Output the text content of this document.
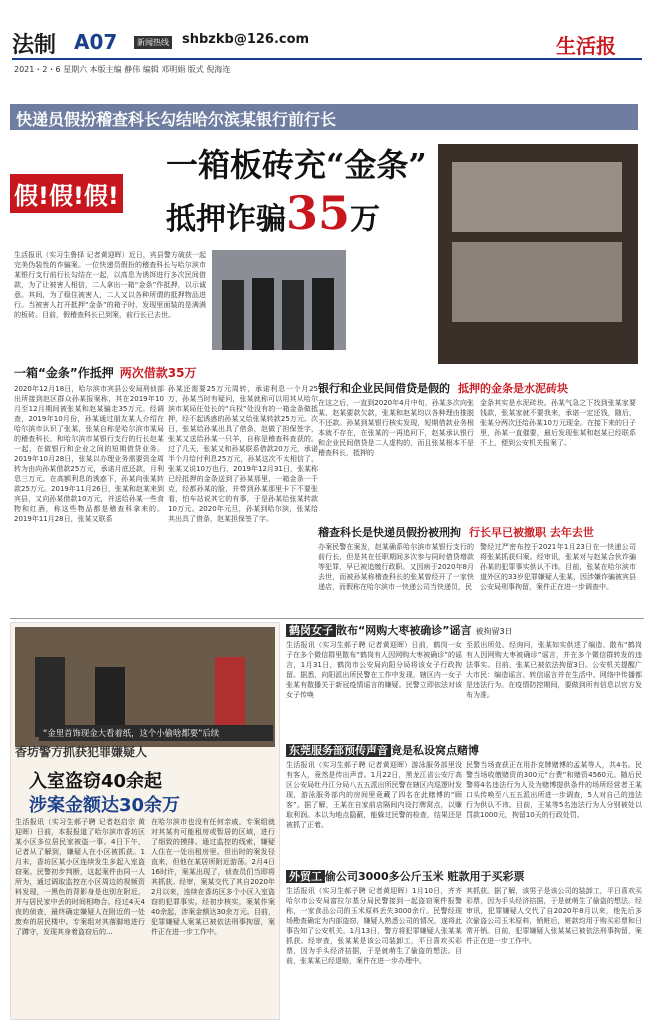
法制 A07	新闻热线 shbzkb@126.com	生活报
2021・2・6 星期六 本版主编 静伟 编辑 邓明娟 版式 倪海连
快递员假扮稽查科长勾结哈尔滨某银行前行长
假!假!假!
一箱板砖充“金条”
抵押诈骗35万
生活报讯（实习生鲁择 记者黄迎晖）近日，宾县警方破获一起完美伪装性的诈骗案。一位快递员假扮的稽查科长与哈尔滨市某银行支行前行长勾结在一起，以高息为诱饵进行多次民间借款，为了让被害人相信，二人拿出一箱“金条”作抵押，以示诚意。其间，为了稳住被害人，二人又以各种所谓的抵押物品进行。当被害人打开抵押“金条”的箱子时，发现里面装的是满满的板砖。目前，假稽查科长已到案，前行长已去世。
一箱“金条”作抵押 两次借款35万
2020年12月18日，哈尔滨市宾县公安局刑侦部出所接到赵区群众孙某报案称，其在2019年10月至12月期间被张某和赵某骗走35万元。经调查，2019年10月份，孙某通过朋友某人介绍在哈尔滨市认识了张某，张某自称是哈尔滨市某局的稽查科长，和哈尔滨市某银行支行的行长赵某一起，在做银行和企业之间的短期借贷业务。2019年10月28日，张某以办理业务需要资金周转为由向孙某借款25万元，承诺月底还款，月利息三万元。在高额利息的诱惑下，孙某向张某转款25万元。2019年11月26日，张某和赵某来到宾县，又向孙某借款10万元，并送给孙某一些食物和红酒，称这些物品都是稽查科拿来的。2019年11月28日，张某又联系
孙某还需要25万元周转，承诺利息一个月25万，孙某当时有疑问，张某就称可以用其从哈尔滨市某局任处长的“兵权”处没有的一箱金条做抵押，经不起诱惑的孙某又给张某转款25万元。次日，张某给孙某出具了借条，赵做了担保签字，张某又送给孙某一只羊，自称是稽查科查获的。过了几天，张某又和孙某联系借款20万元，承诺半个月给付利息25万元，孙某这次不太相信了，张某又说10万也行，2019年12月31日，张某称已经抵押的金条送到了孙某那里，一箱金条一千克，经都孙某的脸，并带到孙某那里卡下不要张看，怕车站说其它的有事，于是孙某给张某转款10万元。2020年元旦，孙某到哈尔滨，张某给其出具了借条，赵某担保签了字。
银行和企业民间借贷是假的 抵押的金条是水泥砖块
在这之后，一直到2020年4月中旬，孙某多次向张某、赵某要款欠款，张某和赵某均以各种理由推脱不还款。孙某到某银行核实发现，短期借款业务根本就不存在，在张某的一再追问下，赵某承认银行和企业民间借贷是二人虚构的，而且张某根本不是稽查科长，抵押的
金条其实是水泥砖块。孙某气急之下找到张某家要钱款，张某家就不要我来，承诺一定还钱，随后，张某分两次还给孙某10万元现金。在接下来的日子里，孙某一直催要，最后发现张某和赵某已经联系不上，便到公安机关报案了。
稽查科长是快递员假扮被刑拘 行长早已被撤职 去年去世
办案民警在案发，赵某确系哈尔滨市某银行支行的前行长，但是其在任职期间多次参与同时借贷增款等犯罪，早已被追缴行政职。又因病于2020年8月去世，而被孙某称稽查科长的张某曾经开了一家快递店，而假称在哈尔滨市一快递公司当快递员，民
警经过严密布控于2021年1月23日在一快递公司将张某抓获归案。经审讯，张某对与赵某合伙诈骗孙某的犯罪事实供认不讳。目前，张某在哈尔滨市道外区的33岁犯罪嫌疑人张某，因涉嫌诈骗被宾县公安局刑事拘留，案件正在进一步调查中。
“金里首饰现金大看着纸，这个小偷啥都要”后续
香坊警方抓获犯罪嫌疑人
入室盗窃40余起
涉案金额达30余万
生活报讯（实习生郝子聘 记者赵启宗 黄迎晖）日前，本报报道了哈尔滨市香坊区某小区多位居民家被盗一事。4日下午，记者从了解到，嫌疑人在小区被抓获。1月末，香坊区某小区连续发生多起入室盗窃案。民警初步判断，这起案件由同一人所为，通过调取监控在小区周边的视频资料发现，一黑色的背影身是也别在附近，并与居民家中丢的时间相吻合。经过4天4夜的侦查，最终确定嫌疑人在附近的一处废弃的居民楼中。专案组对其落脚地进行了蹲守，发现其身着盗窃后的...
在哈尔滨市也没有任何亲戚，专案组就对其某有可能租房或暂居的区域，进行了细致的摸排。通过监控的线索，嫌疑人住在一处出租房里。但出时的案发径直来，但他在某居所附近游荡。2月4日16时许，案某出现了，侦查员们当即将其抓获。经审，案某交代了其自2020年2月以来，连续在香坊区多个小区入室盗窃的犯罪事实。经初步核实，案某作案40余起，涉案金额达30余万元。目前，犯罪嫌疑人案某已被依法刑事拘留，案件正在进一步工作中。
鹤岗女子 散布“网购大枣被确诊”谣言 被拘留3日
生活报讯（实习生郝子聘 记者黄迎晖）日前，鹤岗一女子在多个微信群里散布“鹤岗有人因网购大枣被确诊”的谣言，1月31日，鹤岗市公安局向阳分局将该女子行政拘留。据悉，向阳派出所民警在工作中发现，辖区内一女子张某有散播关于新冠疫情谣言的嫌疑。民警立即依法对该女子传唤
至派出所处。经询问，张某如实供述了编造、散布“鹤岗有人因网购大枣被确诊”谣言，并在多个微信群转发的违法事实。目前，张某已被依法拘留3日。公安机关提醒广大市民：编造谣言、转信谣言并在生活中、网络中传播都是违法行为。在疫情防控期间，要做到所有信息以官方发布为准。
东莞服务部预传声音 竟是私设窝点赌博
生活报讯（实习生郝子聘 记者黄迎晖）游泳服务部里没有客人，竟然是传出声音。1月22日，黑龙江省公安厅高区公安局牡丹江分局八五五派出所民警在辖区内巡逻时发现，游泳服务部内的房间里竟藏了四名在此赌博的“顾客”。据了解，王某在自家前店隔间内设打牌窝点，以赚取利润。本以为地点隐蔽，能躲过民警的检查，结果还是被抓了正着。
民警当场查获正在用扑克牌赌博的孟某等人，共4名。民警当场收缴赌资的300元“台费”和赌资4560元。随后民警将4名违法行为人及为赌博提供条件的场所经营者王某口头传唤至八五五派出所进一步调查，5人对自己的违法行为供认不讳。目前，王某等5名违法行为人分别被处以罚款1000元，拘留10天的行政处罚。
外贸工 偷公司3000多公斤玉米 赃款用于买彩票
生活报讯（实习生郝子聘 记者黄迎晖）1月10日，齐齐哈尔市公安局富拉尔基分局民警接到一起盗窃案件报警称，一家食品公司的玉米原料丢失3000余斤。民警经现场勘查确定为内部盗窃，嫌疑人熟悉公司的情况，遂将此事告知了公安机关。1月13日，警方将犯罪嫌疑人张某某抓获。经审查，张某某是该公司装卸工，平日喜欢买彩票，因为手头经济拮据，于是就萌生了偷盗的想法。目前，张某某已经退赔，案件在进一步办理中。
其抓获。据了解，该男子是该公司的装卸工，平日喜欢买彩票，因为手头经济拮据，于是就萌生了偷盗的想法。经审讯，犯罪嫌疑人交代了自2020年8月以来，他先后多次偷盗公司玉米原料，销赃后，赃款均用于购买彩票和日常开销。目前，犯罪嫌疑人张某某已被依法刑事拘留，案件正在进一步工作中。
